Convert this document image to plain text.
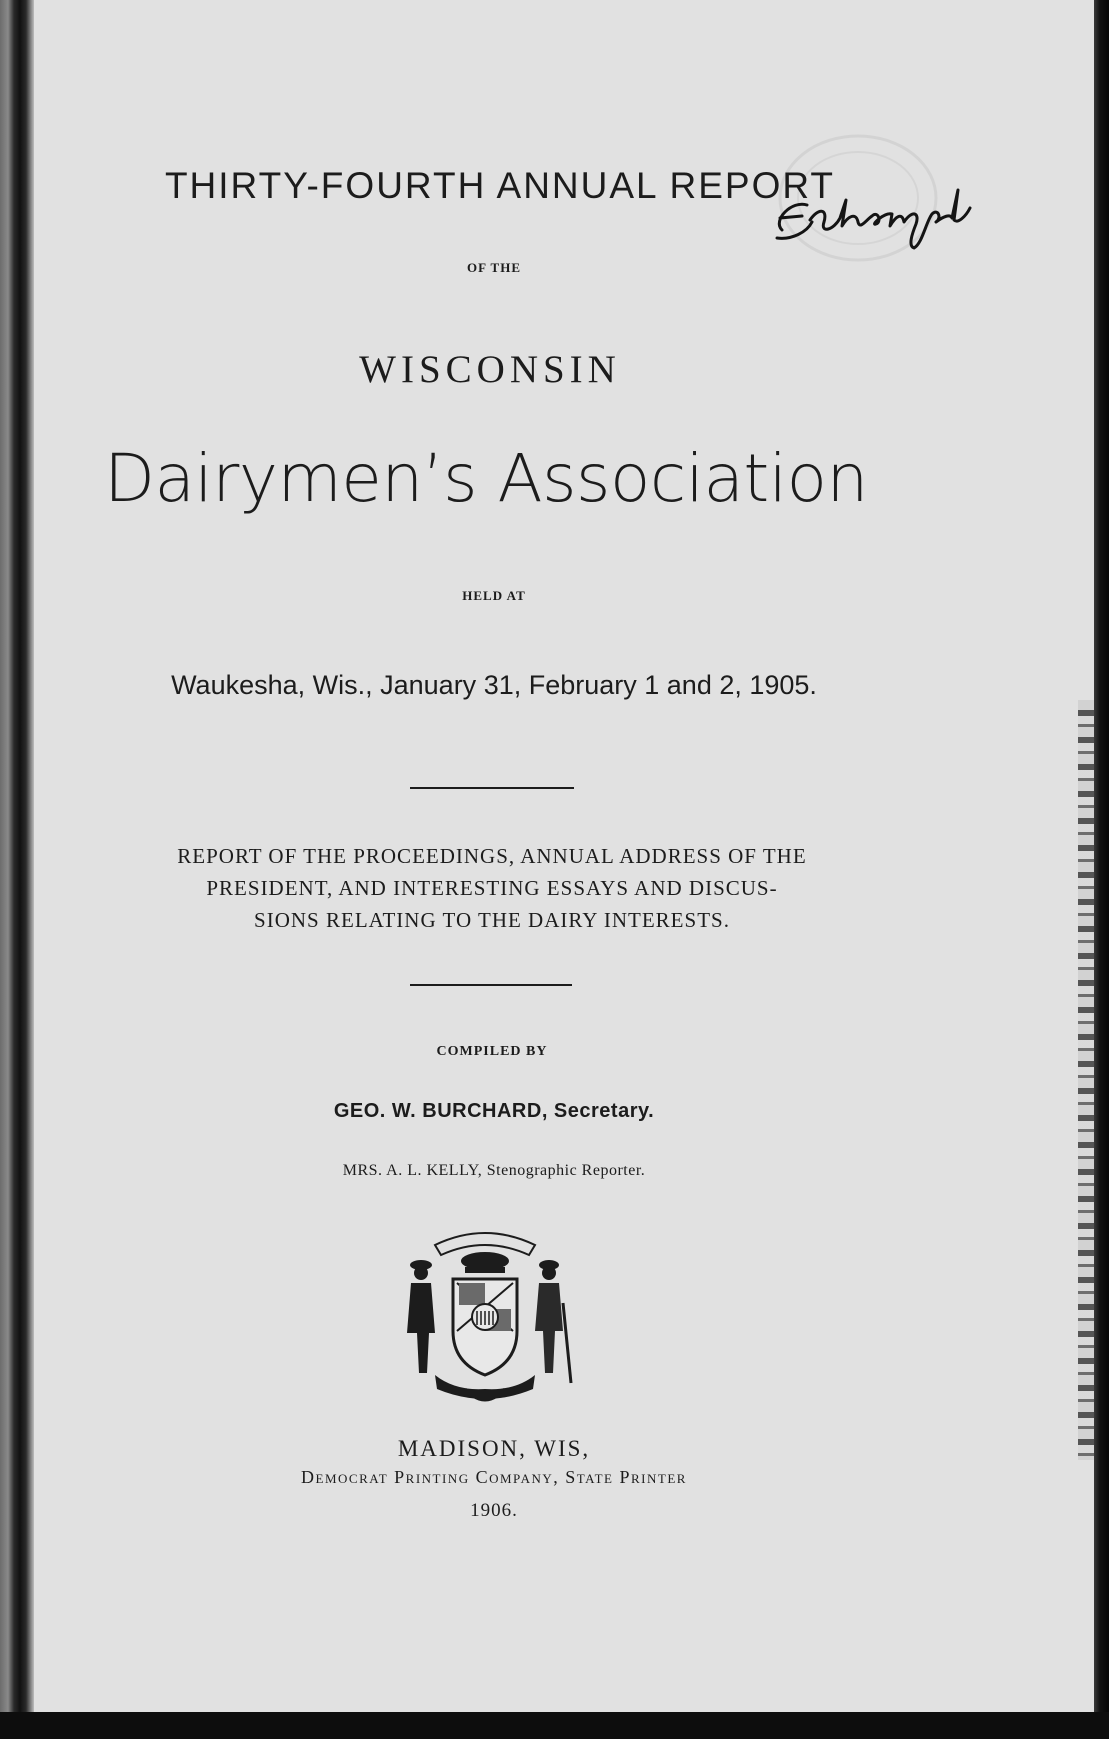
THIRTY-FOURTH ANNUAL REPORT
OF THE
WISCONSIN
Dairymen’s Association
HELD AT
Waukesha, Wis., January 31, February 1 and 2, 1905.
REPORT OF THE PROCEEDINGS, ANNUAL ADDRESS OF THE
PRESIDENT, AND INTERESTING ESSAYS AND DISCUS-
SIONS RELATING TO THE DAIRY INTERESTS.
COMPILED BY
GEO. W. BURCHARD, Secretary.
MRS. A. L. KELLY, Stenographic Reporter.
MADISON, WIS,
Democrat Printing Company, State Printer
1906.
